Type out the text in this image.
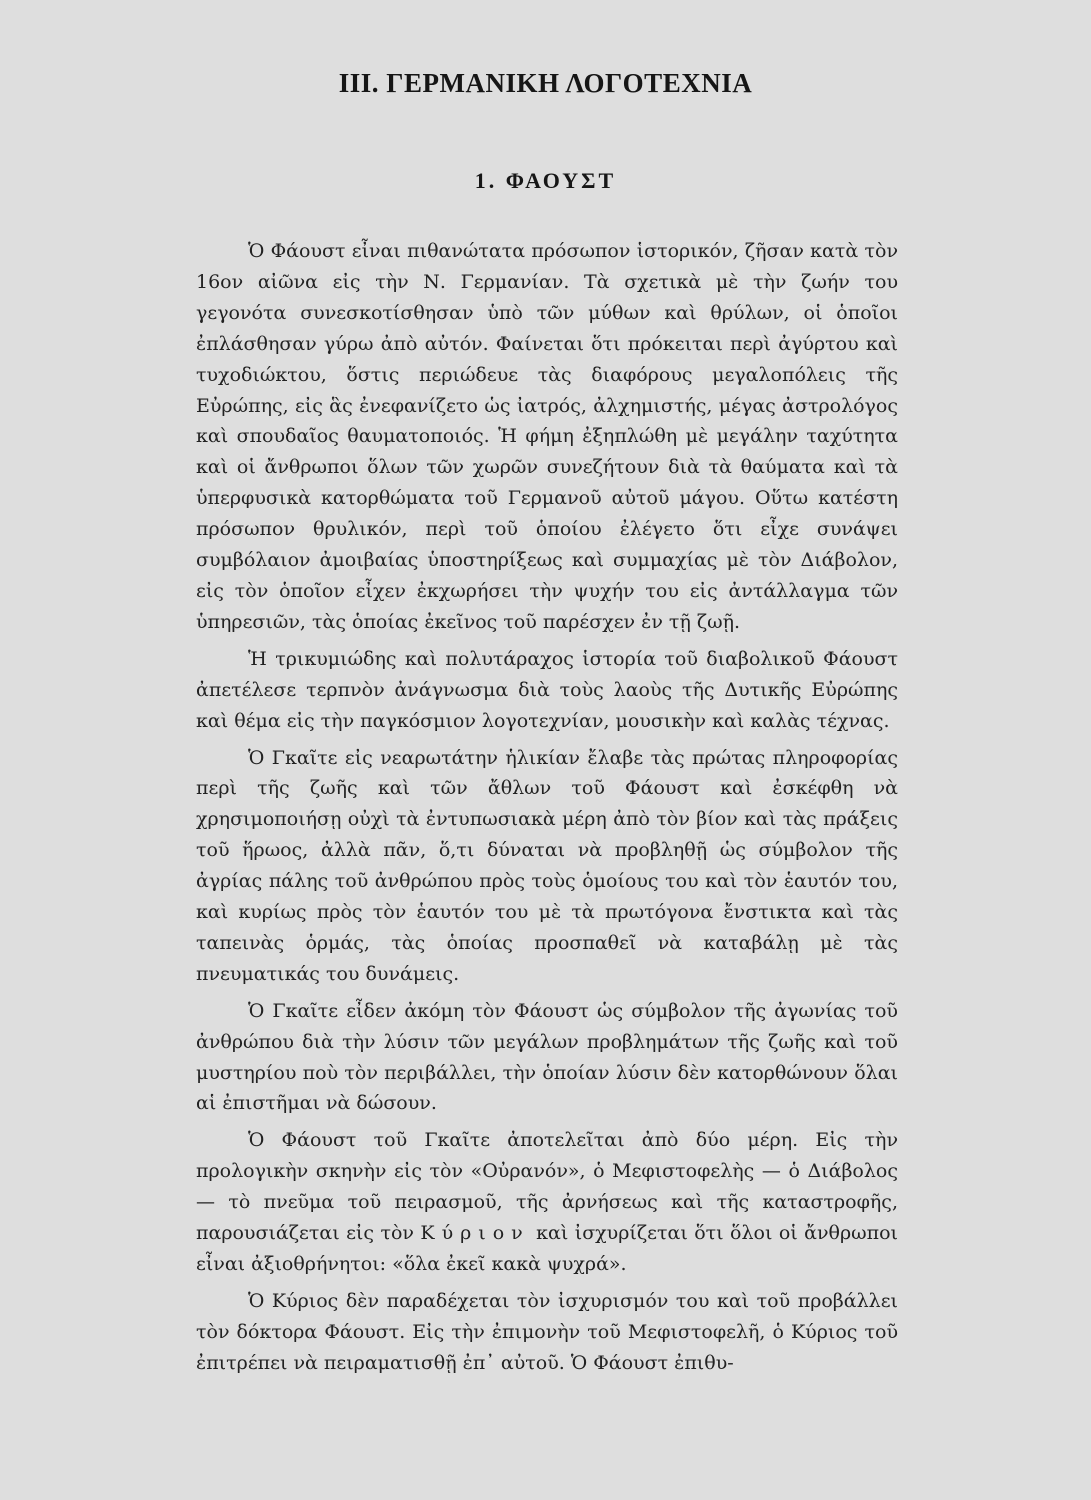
III. ΓΕΡΜΑΝΙΚΗ ΛΟΓΟΤΕΧΝΙΑ
1. ΦΑΟΥΣΤ

Ὁ Φάουστ εἶναι πιθανώτατα πρόσωπον ἱστορικόν, ζῆσαν κατὰ τὸν 16ον αἰῶνα εἰς τὴν Ν. Γερμανίαν. Τὰ σχετικὰ μὲ τὴν ζωήν του γεγονότα συνεσκοτίσθησαν ὑπὸ τῶν μύθων καὶ θρύλων, οἱ ὁποῖοι ἐπλάσθησαν γύρω ἀπὸ αὐτόν. Φαίνεται ὅτι πρόκειται περὶ ἀγύρτου καὶ τυχοδιώκτου, ὅστις περιώδευε τὰς διαφόρους μεγαλοπόλεις τῆς Εὐρώπης, εἰς ἃς ἐνεφανίζετο ὡς ἰατρός, ἀλχημιστής, μέγας ἀστρολόγος καὶ σπουδαῖος θαυματοποιός. Ἡ φήμη ἐξηπλώθη μὲ μεγάλην ταχύτητα καὶ οἱ ἄνθρωποι ὅλων τῶν χωρῶν συνεζήτουν διὰ τὰ θαύματα καὶ τὰ ὑπερφυσικὰ κατορθώματα τοῦ Γερμανοῦ αὐτοῦ μάγου. Οὕτω κατέστη πρόσωπον θρυλικόν, περὶ τοῦ ὁποίου ἐλέγετο ὅτι εἶχε συνάψει συμβόλαιον ἀμοιβαίας ὑποστηρίξεως καὶ συμμαχίας μὲ τὸν Διάβολον, εἰς τὸν ὁποῖον εἶχεν ἐκχωρήσει τὴν ψυχήν του εἰς ἀντάλλαγμα τῶν ὑπηρεσιῶν, τὰς ὁποίας ἐκεῖνος τοῦ παρέσχεν ἐν τῇ ζωῇ.

Ἡ τρικυμιώδης καὶ πολυτάραχος ἱστορία τοῦ διαβολικοῦ Φάουστ ἀπετέλεσε τερπνὸν ἀνάγνωσμα διὰ τοὺς λαοὺς τῆς Δυτικῆς Εὐρώπης καὶ θέμα εἰς τὴν παγκόσμιον λογοτεχνίαν, μουσικὴν καὶ καλὰς τέχνας.

Ὁ Γκαῖτε εἰς νεαρωτάτην ἡλικίαν ἔλαβε τὰς πρώτας πληροφορίας περὶ τῆς ζωῆς καὶ τῶν ἄθλων τοῦ Φάουστ καὶ ἐσκέφθη νὰ χρησιμοποιήσῃ οὐχὶ τὰ ἐντυπωσιακὰ μέρη ἀπὸ τὸν βίον καὶ τὰς πράξεις τοῦ ἥρωος, ἀλλὰ πᾶν, ὅ,τι δύναται νὰ προβληθῇ ὡς σύμβολον τῆς ἀγρίας πάλης τοῦ ἀνθρώπου πρὸς τοὺς ὁμοίους του καὶ τὸν ἑαυτόν του, καὶ κυρίως πρὸς τὸν ἑαυτόν του μὲ τὰ πρωτόγονα ἔνστικτα καὶ τὰς ταπεινὰς ὁρμάς, τὰς ὁποίας προσπαθεῖ νὰ καταβάλῃ μὲ τὰς πνευματικάς του δυνάμεις.

Ὁ Γκαῖτε εἶδεν ἀκόμη τὸν Φάουστ ὡς σύμβολον τῆς ἀγωνίας τοῦ ἀνθρώπου διὰ τὴν λύσιν τῶν μεγάλων προβλημάτων τῆς ζωῆς καὶ τοῦ μυστηρίου ποὺ τὸν περιβάλλει, τὴν ὁποίαν λύσιν δὲν κατορθώνουν ὅλαι αἱ ἐπιστῆμαι νὰ δώσουν.

Ὁ Φάουστ τοῦ Γκαῖτε ἀποτελεῖται ἀπὸ δύο μέρη. Εἰς τὴν προλογικὴν σκηνὴν εἰς τὸν «Οὐρανόν», ὁ Μεφιστοφελὴς — ὁ Διάβολος — τὸ πνεῦμα τοῦ πειρασμοῦ, τῆς ἀρνήσεως καὶ τῆς καταστροφῆς, παρουσιάζεται εἰς τὸν Κύριον καὶ ἰσχυρίζεται ὅτι ὅλοι οἱ ἄνθρωποι εἶναι ἀξιοθρήνητοι: «ὅλα ἐκεῖ κακὰ ψυχρά».

Ὁ Κύριος δὲν παραδέχεται τὸν ἰσχυρισμόν του καὶ τοῦ προβάλλει τὸν δόκτορα Φάουστ. Εἰς τὴν ἐπιμονὴν τοῦ Μεφιστοφελῆ, ὁ Κύριος τοῦ ἐπιτρέπει νὰ πειραματισθῇ ἐπ᾽ αὐτοῦ. Ὁ Φάουστ ἐπιθυ-
